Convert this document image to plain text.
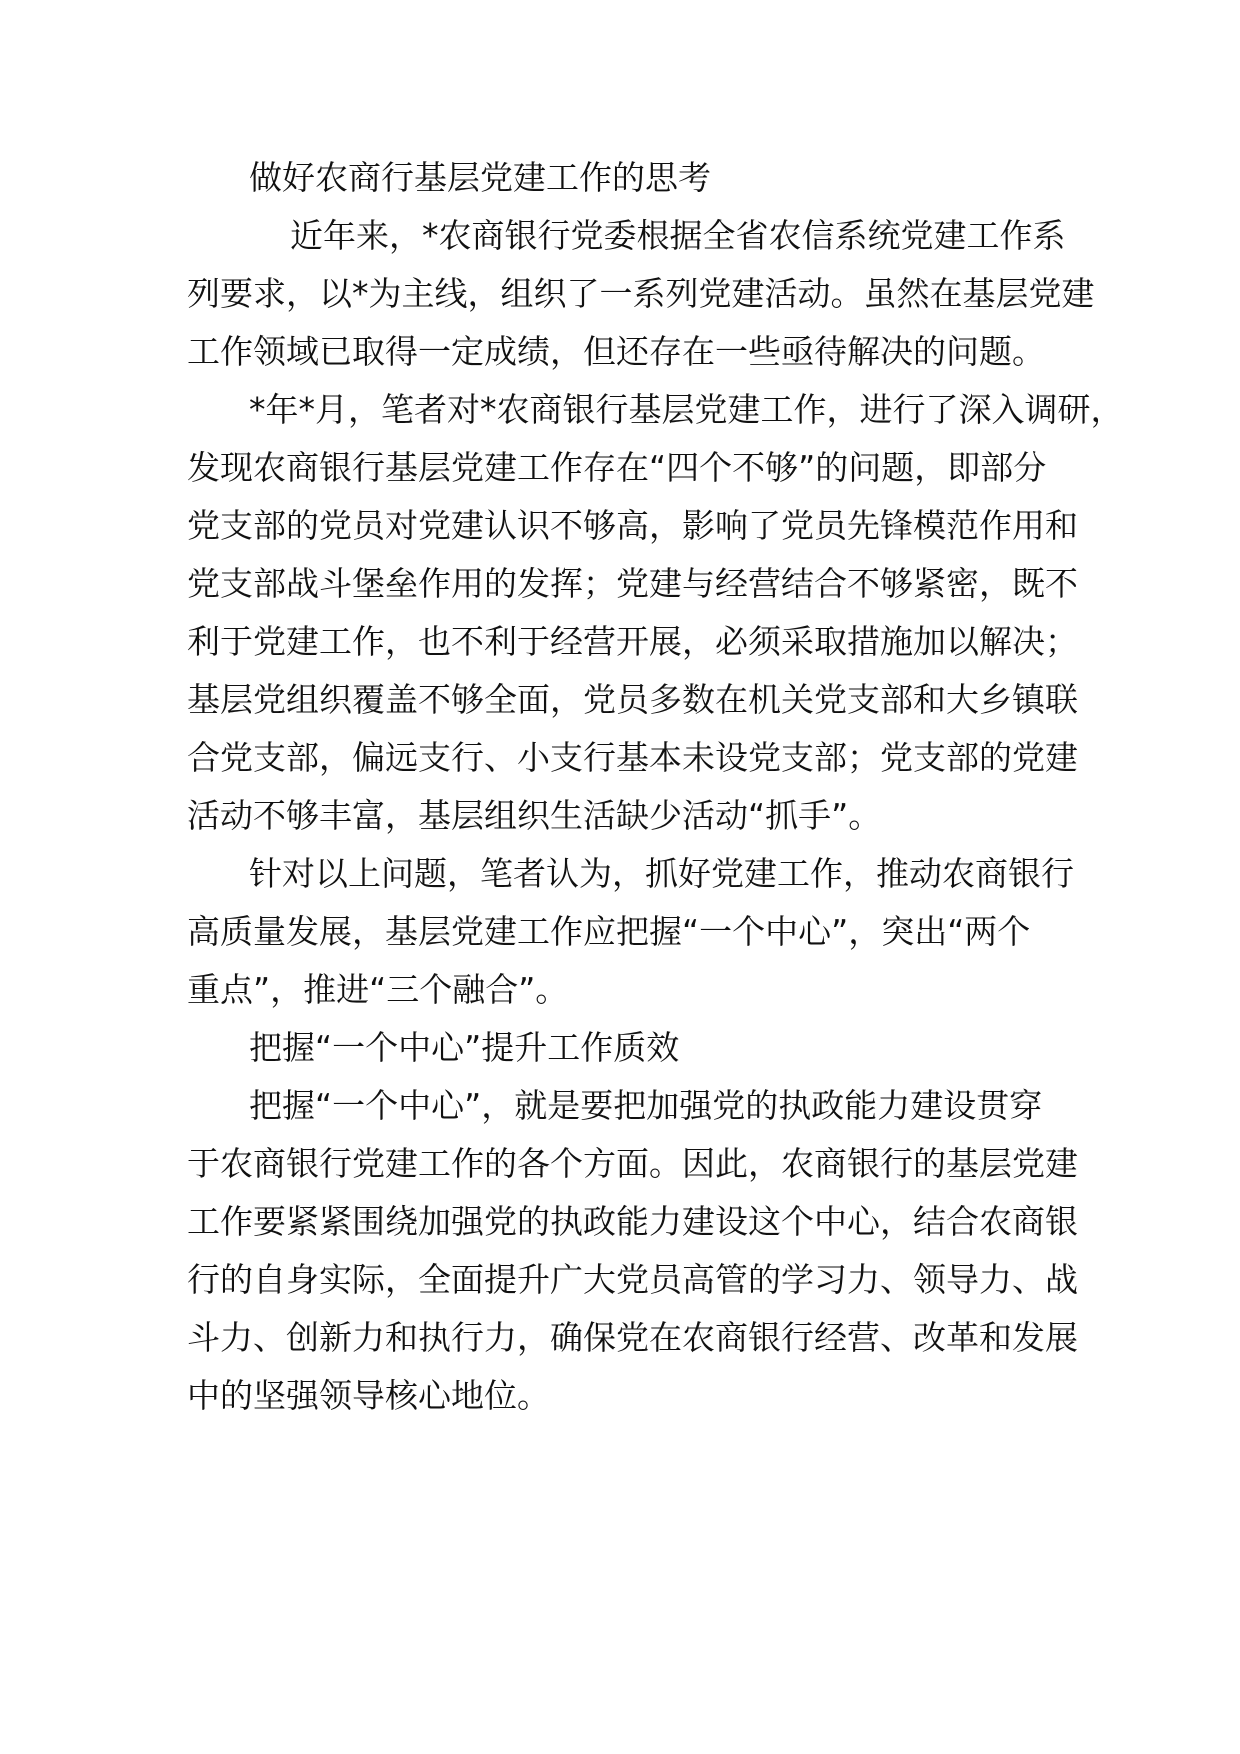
做好农商行基层党建工作的思考
近年来，*农商银行党委根据全省农信系统党建工作系
列要求，以*为主线，组织了一系列党建活动。虽然在基层党建
工作领域已取得一定成绩，但还存在一些亟待解决的问题。
*年*月，笔者对*农商银行基层党建工作，进行了深入调研，
发现农商银行基层党建工作存在“四个不够”的问题，即部分
党支部的党员对党建认识不够高，影响了党员先锋模范作用和
党支部战斗堡垒作用的发挥；党建与经营结合不够紧密，既不
利于党建工作，也不利于经营开展，必须采取措施加以解决；
基层党组织覆盖不够全面，党员多数在机关党支部和大乡镇联
合党支部，偏远支行、小支行基本未设党支部；党支部的党建
活动不够丰富，基层组织生活缺少活动“抓手”。
针对以上问题，笔者认为，抓好党建工作，推动农商银行
高质量发展，基层党建工作应把握“一个中心”，突出“两个
重点”，推进“三个融合”。
把握“一个中心”提升工作质效
把握“一个中心”，就是要把加强党的执政能力建设贯穿
于农商银行党建工作的各个方面。因此，农商银行的基层党建
工作要紧紧围绕加强党的执政能力建设这个中心，结合农商银
行的自身实际，全面提升广大党员高管的学习力、领导力、战
斗力、创新力和执行力，确保党在农商银行经营、改革和发展
中的坚强领导核心地位。
